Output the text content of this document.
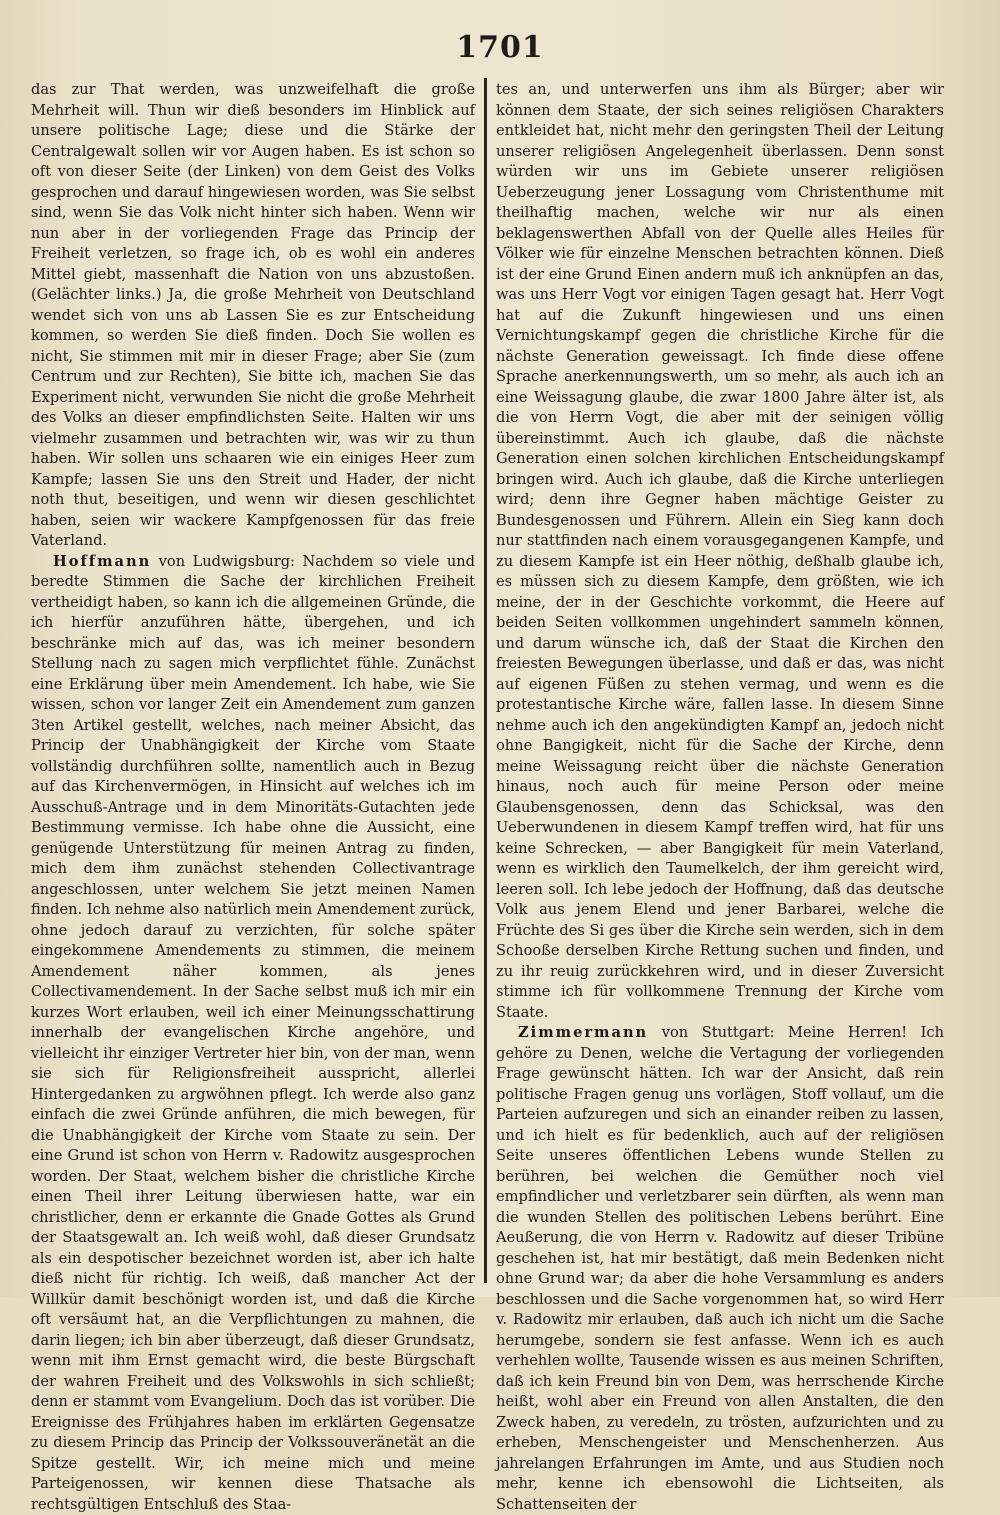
1701

das zur That werden, was unzweifelhaft die große Mehrheit will. Thun wir dieß besonders im Hinblick auf unsere politische Lage; diese und die Stärke der Centralgewalt sollen wir vor Augen haben. Es ist schon so oft von dieser Seite (der Linken) von dem Geist des Volks gesprochen und darauf hingewiesen worden, was Sie selbst sind, wenn Sie das Volk nicht hinter sich haben. Wenn wir nun aber in der vorliegenden Frage das Princip der Freiheit verletzen, so frage ich, ob es wohl ein anderes Mittel giebt, massenhaft die Nation von uns abzustoßen. (Gelächter links.) Ja, die große Mehrheit von Deutschland wendet sich von uns ab Lassen Sie es zur Entscheidung kommen, so werden Sie dieß finden. Doch Sie wollen es nicht, Sie stimmen mit mir in dieser Frage; aber Sie (zum Centrum und zur Rechten), Sie bitte ich, machen Sie das Experiment nicht, verwunden Sie nicht die große Mehrheit des Volks an dieser empfindlichsten Seite. Halten wir uns vielmehr zusammen und betrachten wir, was wir zu thun haben. Wir sollen uns schaaren wie ein einiges Heer zum Kampfe; lassen Sie uns den Streit und Hader, der nicht noth thut, beseitigen, und wenn wir diesen geschlichtet haben, seien wir wackere Kampfgenossen für das freie Vaterland.

Hoffmann von Ludwigsburg: Nachdem so viele und beredte Stimmen die Sache der kirchlichen Freiheit vertheidigt haben, so kann ich die allgemeinen Gründe, die ich hierfür anzuführen hätte, übergehen, und ich beschränke mich auf das, was ich meiner besondern Stellung nach zu sagen mich verpflichtet fühle. Zunächst eine Erklärung über mein Amendement. Ich habe, wie Sie wissen, schon vor langer Zeit ein Amendement zum ganzen 3ten Artikel gestellt, welches, nach meiner Absicht, das Princip der Unabhängigkeit der Kirche vom Staate vollständig durchführen sollte, namentlich auch in Bezug auf das Kirchenvermögen, in Hinsicht auf welches ich im Ausschuß-Antrage und in dem Minoritäts-Gutachten jede Bestimmung vermisse. Ich habe ohne die Aussicht, eine genügende Unterstützung für meinen Antrag zu finden, mich dem ihm zunächst stehenden Collectivantrage angeschlossen, unter welchem Sie jetzt meinen Namen finden. Ich nehme also natürlich mein Amendement zurück, ohne jedoch darauf zu verzichten, für solche später eingekommene Amendements zu stimmen, die meinem Amendement näher kommen, als jenes Collectivamendement. In der Sache selbst muß ich mir ein kurzes Wort erlauben, weil ich einer Meinungsschattirung innerhalb der evangelischen Kirche angehöre, und vielleicht ihr einziger Vertreter hier bin, von der man, wenn sie sich für Religionsfreiheit ausspricht, allerlei Hintergedanken zu argwöhnen pflegt. Ich werde also ganz einfach die zwei Gründe anführen, die mich bewegen, für die Unabhängigkeit der Kirche vom Staate zu sein. Der eine Grund ist schon von Herrn v. Radowitz ausgesprochen worden. Der Staat, welchem bisher die christliche Kirche einen Theil ihrer Leitung überwiesen hatte, war ein christlicher, denn er erkannte die Gnade Gottes als Grund der Staatsgewalt an. Ich weiß wohl, daß dieser Grundsatz als ein despotischer bezeichnet worden ist, aber ich halte dieß nicht für richtig. Ich weiß, daß mancher Act der Willkür damit beschönigt worden ist, und daß die Kirche oft versäumt hat, an die Verpflichtungen zu mahnen, die darin liegen; ich bin aber überzeugt, daß dieser Grundsatz, wenn mit ihm Ernst gemacht wird, die beste Bürgschaft der wahren Freiheit und des Volkswohls in sich schließt; denn er stammt vom Evangelium. Doch das ist vorüber. Die Ereignisse des Frühjahres haben im erklärten Gegensatze zu diesem Princip das Princip der Volkssouveränetät an die Spitze gestellt. Wir, ich meine mich und meine Parteigenossen, wir kennen diese Thatsache als rechtsgültigen Entschluß des Staa-

tes an, und unterwerfen uns ihm als Bürger; aber wir können dem Staate, der sich seines religiösen Charakters entkleidet hat, nicht mehr den geringsten Theil der Leitung unserer religiösen Angelegenheit überlassen. Denn sonst würden wir uns im Gebiete unserer religiösen Ueberzeugung jener Lossagung vom Christenthume mit theilhaftig machen, welche wir nur als einen beklagenswerthen Abfall von der Quelle alles Heiles für Völker wie für einzelne Menschen betrachten können. Dieß ist der eine Grund Einen andern muß ich anknüpfen an das, was uns Herr Vogt vor einigen Tagen gesagt hat. Herr Vogt hat auf die Zukunft hingewiesen und uns einen Vernichtungskampf gegen die christliche Kirche für die nächste Generation geweissagt. Ich finde diese offene Sprache anerkennungswerth, um so mehr, als auch ich an eine Weissagung glaube, die zwar 1800 Jahre älter ist, als die von Herrn Vogt, die aber mit der seinigen völlig übereinstimmt. Auch ich glaube, daß die nächste Generation einen solchen kirchlichen Entscheidungskampf bringen wird. Auch ich glaube, daß die Kirche unterliegen wird; denn ihre Gegner haben mächtige Geister zu Bundesgenossen und Führern. Allein ein Sieg kann doch nur stattfinden nach einem vorausgegangenen Kampfe, und zu diesem Kampfe ist ein Heer nöthig, deßhalb glaube ich, es müssen sich zu diesem Kampfe, dem größten, wie ich meine, der in der Geschichte vorkommt, die Heere auf beiden Seiten vollkommen ungehindert sammeln können, und darum wünsche ich, daß der Staat die Kirchen den freiesten Bewegungen überlasse, und daß er das, was nicht auf eigenen Füßen zu stehen vermag, und wenn es die protestantische Kirche wäre, fallen lasse. In diesem Sinne nehme auch ich den angekündigten Kampf an, jedoch nicht ohne Bangigkeit, nicht für die Sache der Kirche, denn meine Weissagung reicht über die nächste Generation hinaus, noch auch für meine Person oder meine Glaubensgenossen, denn das Schicksal, was den Ueberwundenen in diesem Kampf treffen wird, hat für uns keine Schrecken, — aber Bangigkeit für mein Vaterland, wenn es wirklich den Taumelkelch, der ihm gereicht wird, leeren soll. Ich lebe jedoch der Hoffnung, daß das deutsche Volk aus jenem Elend und jener Barbarei, welche die Früchte des Si ges über die Kirche sein werden, sich in dem Schooße derselben Kirche Rettung suchen und finden, und zu ihr reuig zurückkehren wird, und in dieser Zuversicht stimme ich für vollkommene Trennung der Kirche vom Staate.

Zimmermann von Stuttgart: Meine Herren! Ich gehöre zu Denen, welche die Vertagung der vorliegenden Frage gewünscht hätten. Ich war der Ansicht, daß rein politische Fragen genug uns vorlägen, Stoff vollauf, um die Parteien aufzuregen und sich an einander reiben zu lassen, und ich hielt es für bedenklich, auch auf der religiösen Seite unseres öffentlichen Lebens wunde Stellen zu berühren, bei welchen die Gemüther noch viel empfindlicher und verletzbarer sein dürften, als wenn man die wunden Stellen des politischen Lebens berührt. Eine Aeußerung, die von Herrn v. Radowitz auf dieser Tribüne geschehen ist, hat mir bestätigt, daß mein Bedenken nicht ohne Grund war; da aber die hohe Versammlung es anders beschlossen und die Sache vorgenommen hat, so wird Herr v. Radowitz mir erlauben, daß auch ich nicht um die Sache herumgebe, sondern sie fest anfasse. Wenn ich es auch verhehlen wollte, Tausende wissen es aus meinen Schriften, daß ich kein Freund bin von Dem, was herrschende Kirche heißt, wohl aber ein Freund von allen Anstalten, die den Zweck haben, zu veredeln, zu trösten, aufzurichten und zu erheben, Menschengeister und Menschenherzen. Aus jahrelangen Erfahrungen im Amte, und aus Studien noch mehr, kenne ich ebensowohl die Lichtseiten, als Schattenseiten der
